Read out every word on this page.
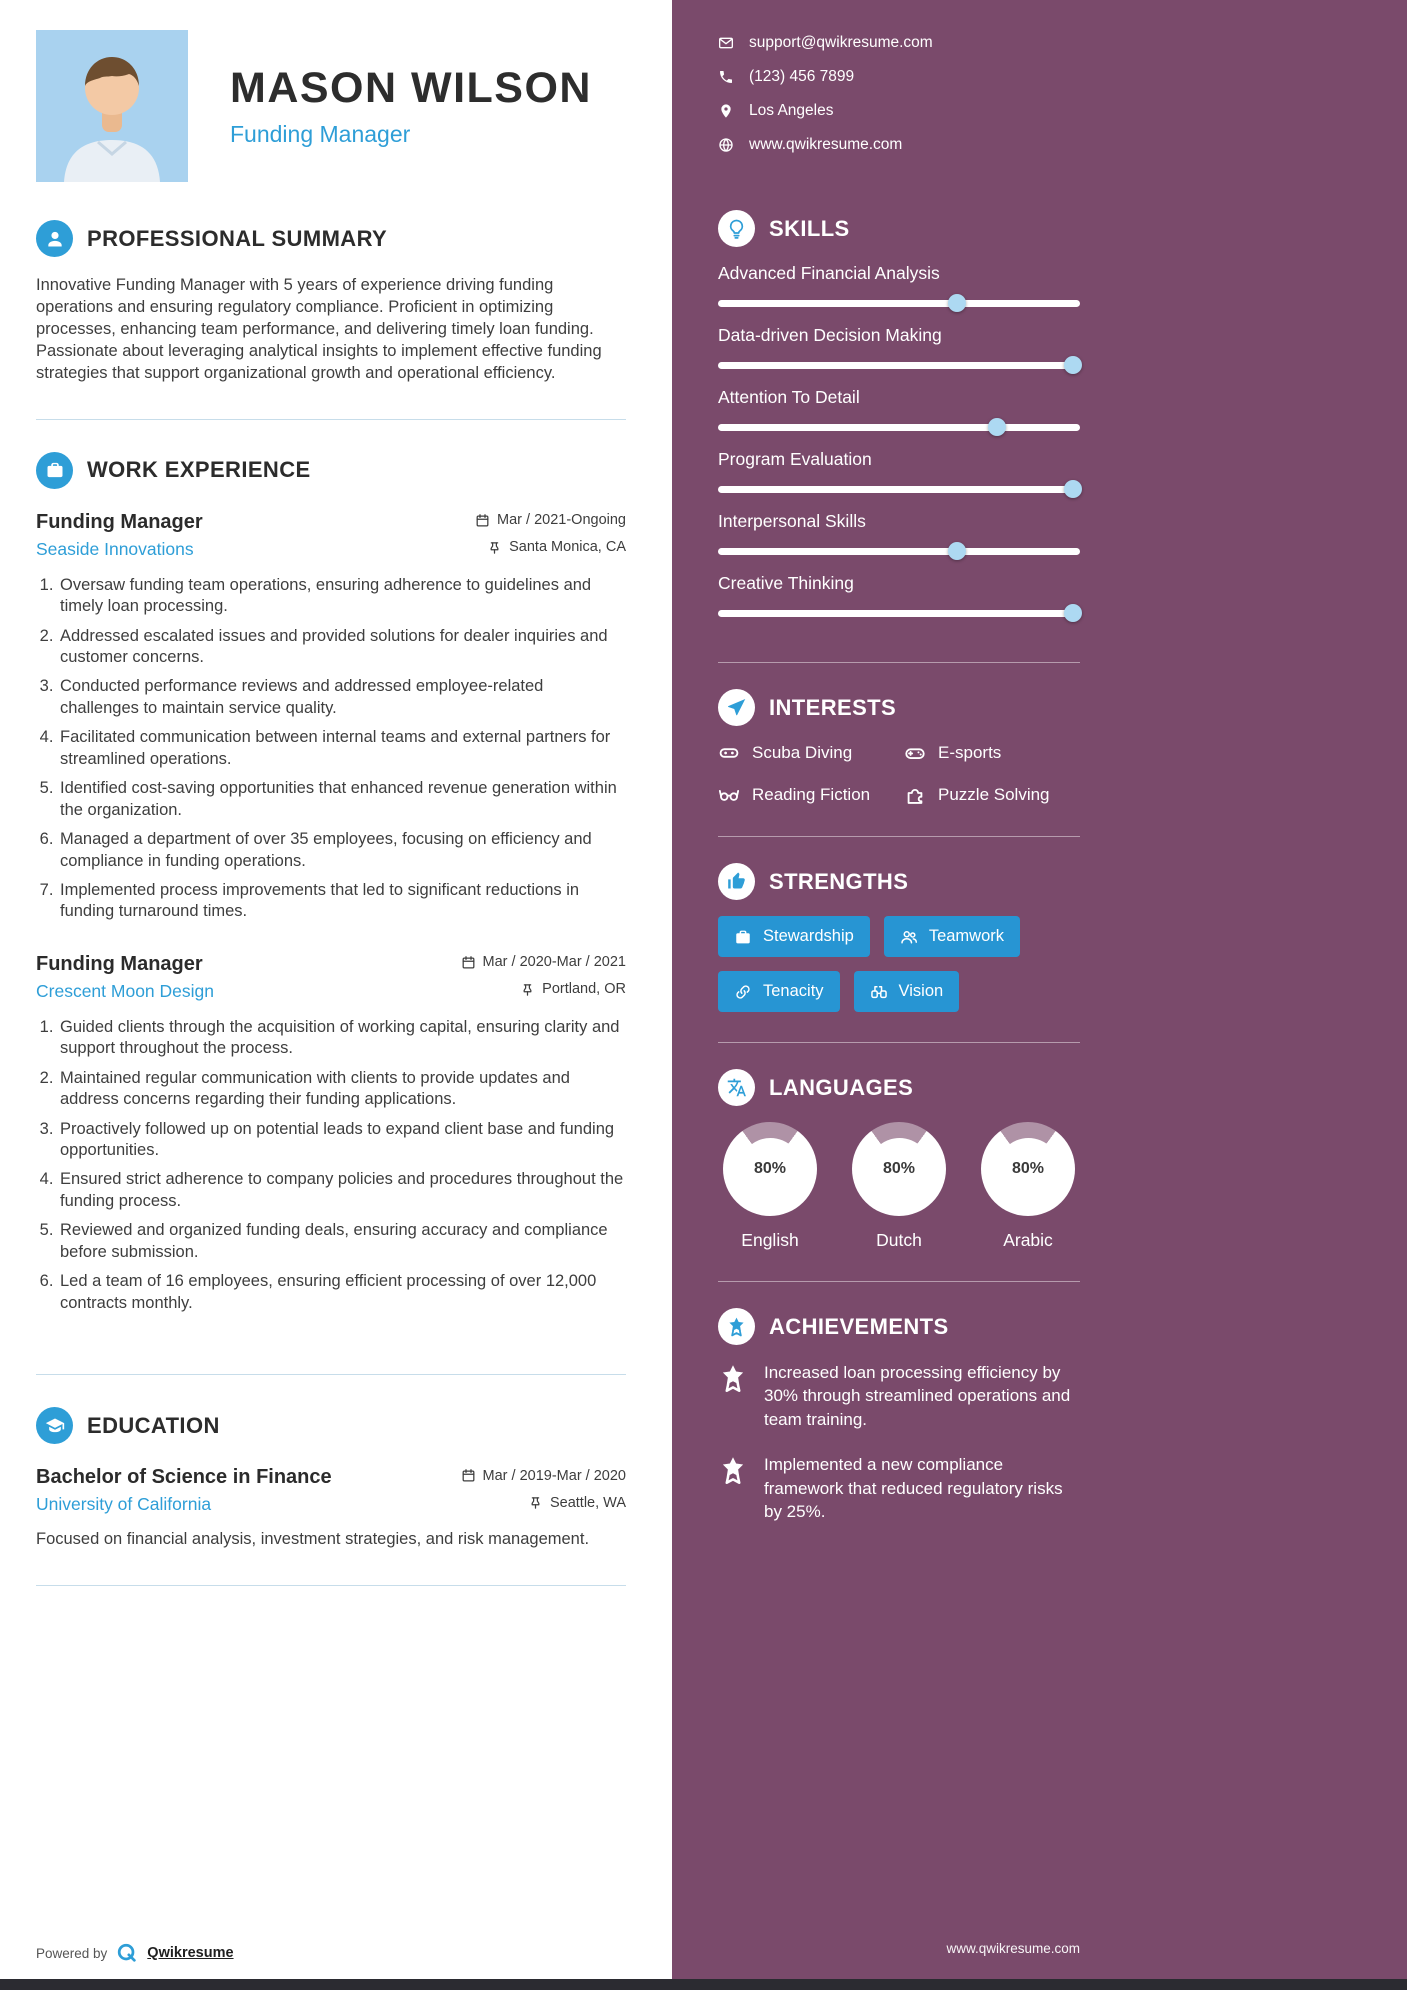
MASON WILSON
Funding Manager
PROFESSIONAL SUMMARY

Innovative Funding Manager with 5 years of experience driving funding operations and ensuring regulatory compliance. Proficient in optimizing processes, enhancing team performance, and delivering timely loan funding. Passionate about leveraging analytical insights to implement effective funding strategies that support organizational growth and operational efficiency.

WORK EXPERIENCE
Funding Manager	Mar / 2021-Ongoing
Seaside Innovations	Santa Monica, CA
1. Oversaw funding team operations, ensuring adherence to guidelines and timely loan processing.
2. Addressed escalated issues and provided solutions for dealer inquiries and customer concerns.
3. Conducted performance reviews and addressed employee-related challenges to maintain service quality.
4. Facilitated communication between internal teams and external partners for streamlined operations.
5. Identified cost-saving opportunities that enhanced revenue generation within the organization.
6. Managed a department of over 35 employees, focusing on efficiency and compliance in funding operations.
7. Implemented process improvements that led to significant reductions in funding turnaround times.
Funding Manager	Mar / 2020-Mar / 2021
Crescent Moon Design	Portland, OR
1. Guided clients through the acquisition of working capital, ensuring clarity and support throughout the process.
2. Maintained regular communication with clients to provide updates and address concerns regarding their funding applications.
3. Proactively followed up on potential leads to expand client base and funding opportunities.
4. Ensured strict adherence to company policies and procedures throughout the funding process.
5. Reviewed and organized funding deals, ensuring accuracy and compliance before submission.
6. Led a team of 16 employees, ensuring efficient processing of over 12,000 contracts monthly.
EDUCATION
Bachelor of Science in Finance	Mar / 2019-Mar / 2020
University of California	Seattle, WA

Focused on financial analysis, investment strategies, and risk management.

Powered by	Qwikresume
support@qwikresume.com
(123) 456 7899
Los Angeles
www.qwikresume.com
SKILLS
Advanced Financial Analysis
Data-driven Decision Making
Attention To Detail
Program Evaluation
Interpersonal Skills
Creative Thinking
INTERESTS
Scuba Diving	E-sports
Reading Fiction	Puzzle Solving
STRENGTHS
Stewardship	Teamwork
Tenacity	Vision
LANGUAGES
80%
English
80%
Dutch
80%
Arabic
ACHIEVEMENTS

Increased loan processing efficiency by 30% through streamlined operations and team training.

Implemented a new compliance framework that reduced regulatory risks by 25%.

www.qwikresume.com
